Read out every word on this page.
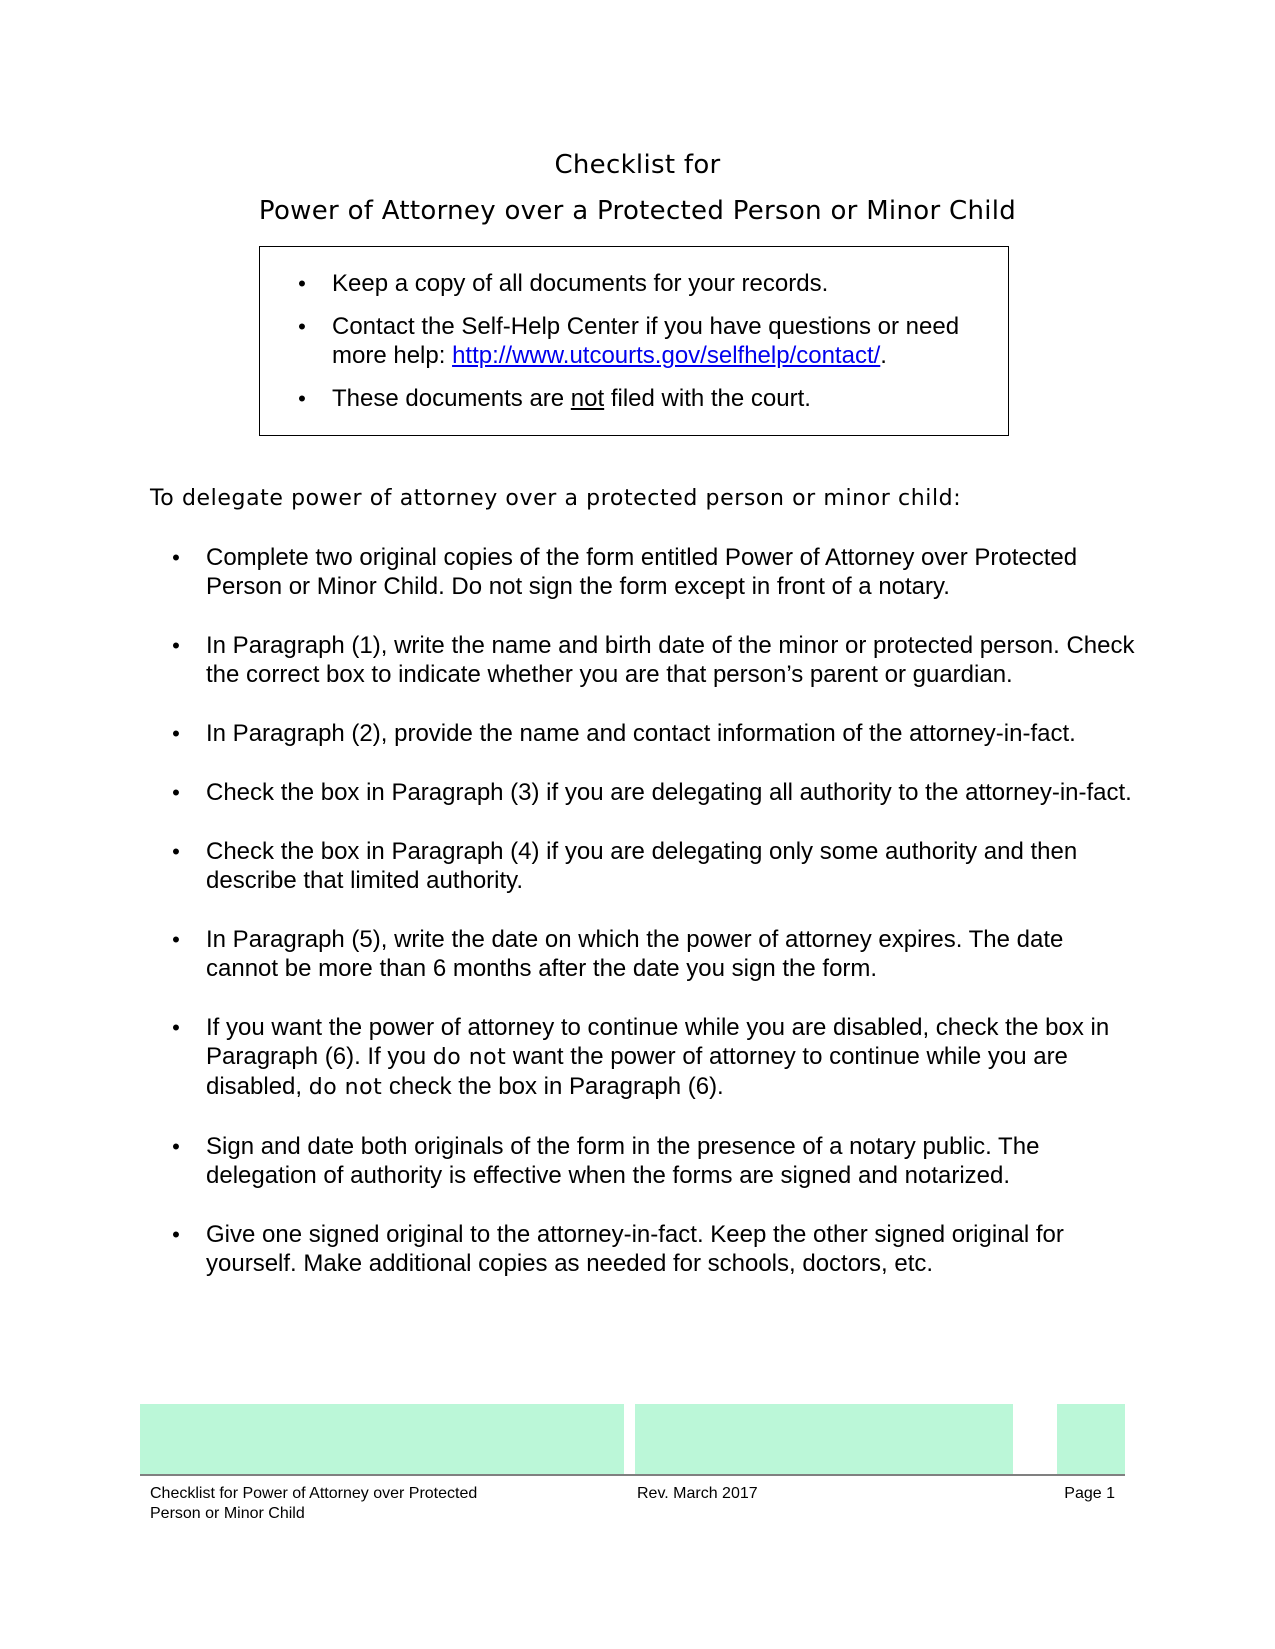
Checklist for
Power of Attorney over a Protected Person or Minor Child
• Keep a copy of all documents for your records.
• Contact the Self-Help Center if you have questions or need more help: http://www.utcourts.gov/selfhelp/contact/.
• These documents are not filed with the court.
To delegate power of attorney over a protected person or minor child:
• Complete two original copies of the form entitled Power of Attorney over Protected Person or Minor Child. Do not sign the form except in front of a notary.
• In Paragraph (1), write the name and birth date of the minor or protected person. Check the correct box to indicate whether you are that person’s parent or guardian.
• In Paragraph (2), provide the name and contact information of the attorney-in-fact.
• Check the box in Paragraph (3) if you are delegating all authority to the attorney-in-fact.
• Check the box in Paragraph (4) if you are delegating only some authority and then describe that limited authority.
• In Paragraph (5), write the date on which the power of attorney expires. The date cannot be more than 6 months after the date you sign the form.
• If you want the power of attorney to continue while you are disabled, check the box in Paragraph (6). If you do not want the power of attorney to continue while you are disabled, do not check the box in Paragraph (6).
• Sign and date both originals of the form in the presence of a notary public. The delegation of authority is effective when the forms are signed and notarized.
• Give one signed original to the attorney-in-fact. Keep the other signed original for yourself. Make additional copies as needed for schools, doctors, etc.
Checklist for Power of Attorney over Protected Person or Minor Child
Rev. March 2017	Page 1
